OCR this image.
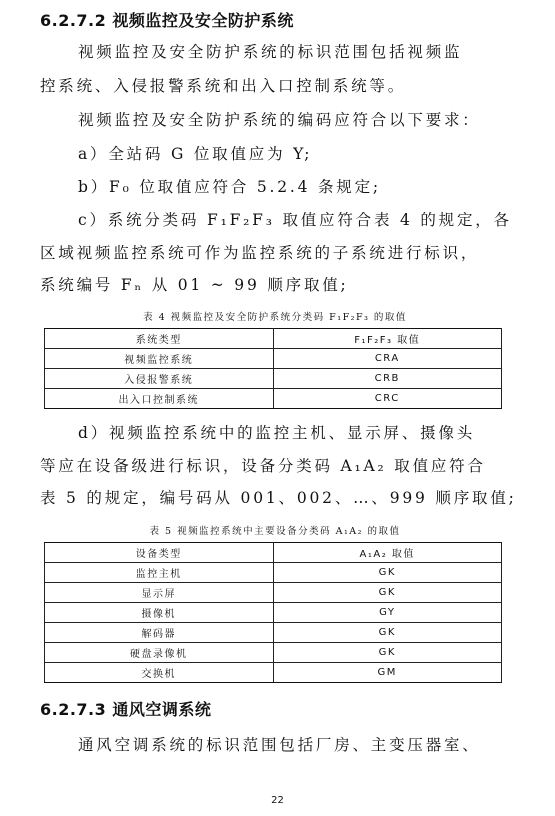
6.2.7.2 视频监控及安全防护系统
视频监控及安全防护系统的标识范围包括视频监
控系统、入侵报警系统和出入口控制系统等。
视频监控及安全防护系统的编码应符合以下要求：
a）全站码 G 位取值应为 Y;
b）F₀ 位取值应符合 5.2.4 条规定;
c）系统分类码 F₁F₂F₃ 取值应符合表 4 的规定，各
区域视频监控系统可作为监控系统的子系统进行标识，
系统编号 Fₙ 从 01 ~ 99 顺序取值;
表 4 视频监控及安全防护系统分类码 F₁F₂F₃ 的取值
系统类型	F₁F₂F₃ 取值
视频监控系统	CRA
入侵报警系统	CRB
出入口控制系统	CRC
d）视频监控系统中的监控主机、显示屏、摄像头
等应在设备级进行标识，设备分类码 A₁A₂ 取值应符合
表 5 的规定，编号码从 001、002、…、999 顺序取值;
表 5 视频监控系统中主要设备分类码 A₁A₂ 的取值
设备类型	A₁A₂ 取值
监控主机	GK
显示屏	GK
摄像机	GY
解码器	GK
硬盘录像机	GK
交换机	GM
6.2.7.3 通风空调系统
通风空调系统的标识范围包括厂房、主变压器室、
22
